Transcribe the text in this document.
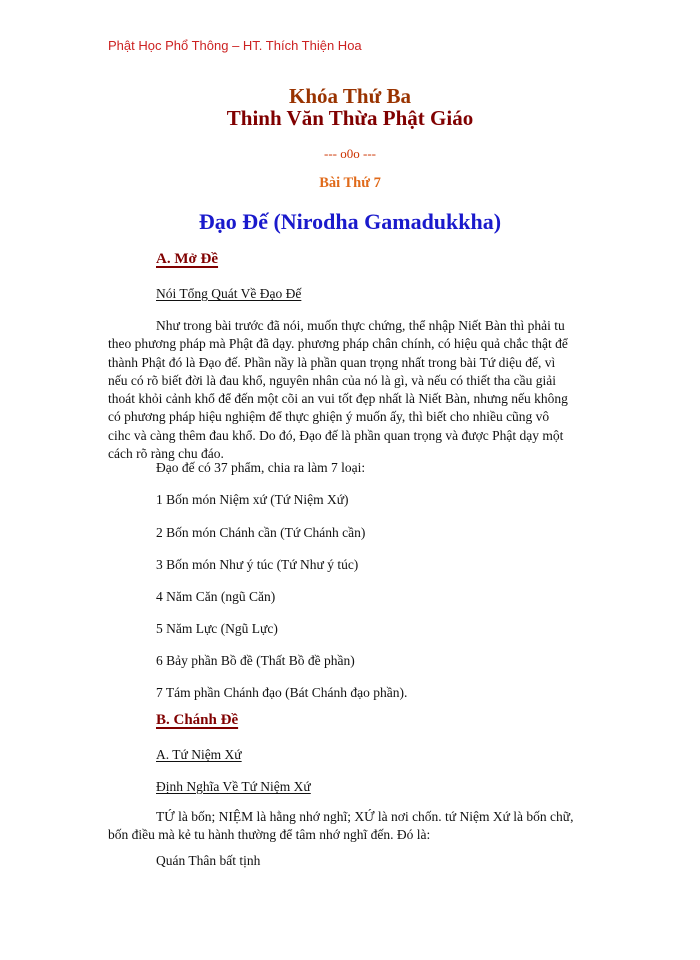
Phật Học Phổ Thông – HT. Thích Thiện Hoa
Khóa Thứ Ba
Thinh Văn Thừa Phật Giáo
--- o0o ---
Bài Thứ 7
Đạo Đế (Nirodha Gamadukkha)
A. Mở Đề
Nói Tổng Quát Về Đạo Đế
Như trong bài trước đã nói, muốn thực chứng, thể nhập Niết Bàn thì phải tu
theo phương pháp mà Phật đã dạy. phương pháp chân chính, có hiệu quả chắc thật để
thành Phật đó là Đạo đế. Phần nầy là phần quan trọng nhất trong bài Tứ diệu đế, vì
nếu có rõ biết đời là đau khổ, nguyên nhân của nó là gì, và nếu có thiết tha cầu giải
thoát khỏi cảnh khổ để đến một cõi an vui tốt đẹp nhất là Niết Bàn, nhưng nếu không
có phương pháp hiệu nghiệm để thực ghiện ý muốn ấy, thì biết cho nhiều cũng vô
cihc và càng thêm đau khổ. Do đó, Đạo đế là phần quan trọng và được Phật dạy một
cách rõ ràng chu đáo.
Đạo đế có 37 phẩm, chia ra làm 7 loại:
1 Bốn món Niệm xứ (Tứ Niệm Xứ)
2 Bốn món Chánh cần (Tứ Chánh cần)
3 Bốn món Như ý túc (Tứ Như ý túc)
4 Năm Căn (ngũ Căn)
5 Năm Lực (Ngũ Lực)
6 Bảy phần Bồ đề (Thất Bồ đề phần)
7 Tám phần Chánh đạo (Bát Chánh đạo phần).
B. Chánh Đề
A. Tứ Niệm Xứ
Định Nghĩa Về Tứ Niệm Xứ
TỨ là bốn; NIỆM là hằng nhớ nghĩ; XỨ là nơi chốn. tứ Niệm Xứ là bốn chữ,
bốn điều mà kẻ tu hành thường để tâm nhớ nghĩ đến. Đó là:
Quán Thân bất tịnh
